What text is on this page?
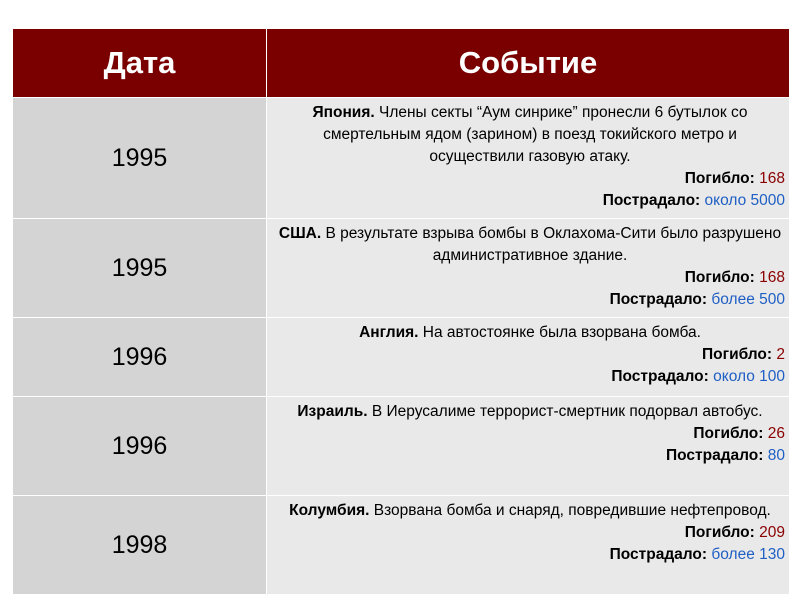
Дата	Событие
1995	Япония. Члены секты “Аум синрике” пронесли 6 бутылок со смертельным ядом (зарином) в поезд токийского метро и осуществили газовую атаку.
Погибло: 168
Пострадало: около 5000

1995	США. В результате взрыва бомбы в Оклахома-Сити было разрушено административное здание.
Погибло: 168
Пострадало: более 500

1996	Англия. На автостоянке была взорвана бомба.
Погибло: 2
Пострадало: около 100

1996	Израиль. В Иерусалиме террорист-смертник подорвал автобус.
Погибло: 26
Пострадало: 80

1998	Колумбия. Взорвана бомба и снаряд, повредившие нефтепровод.
Погибло: 209
Пострадало: более 130
